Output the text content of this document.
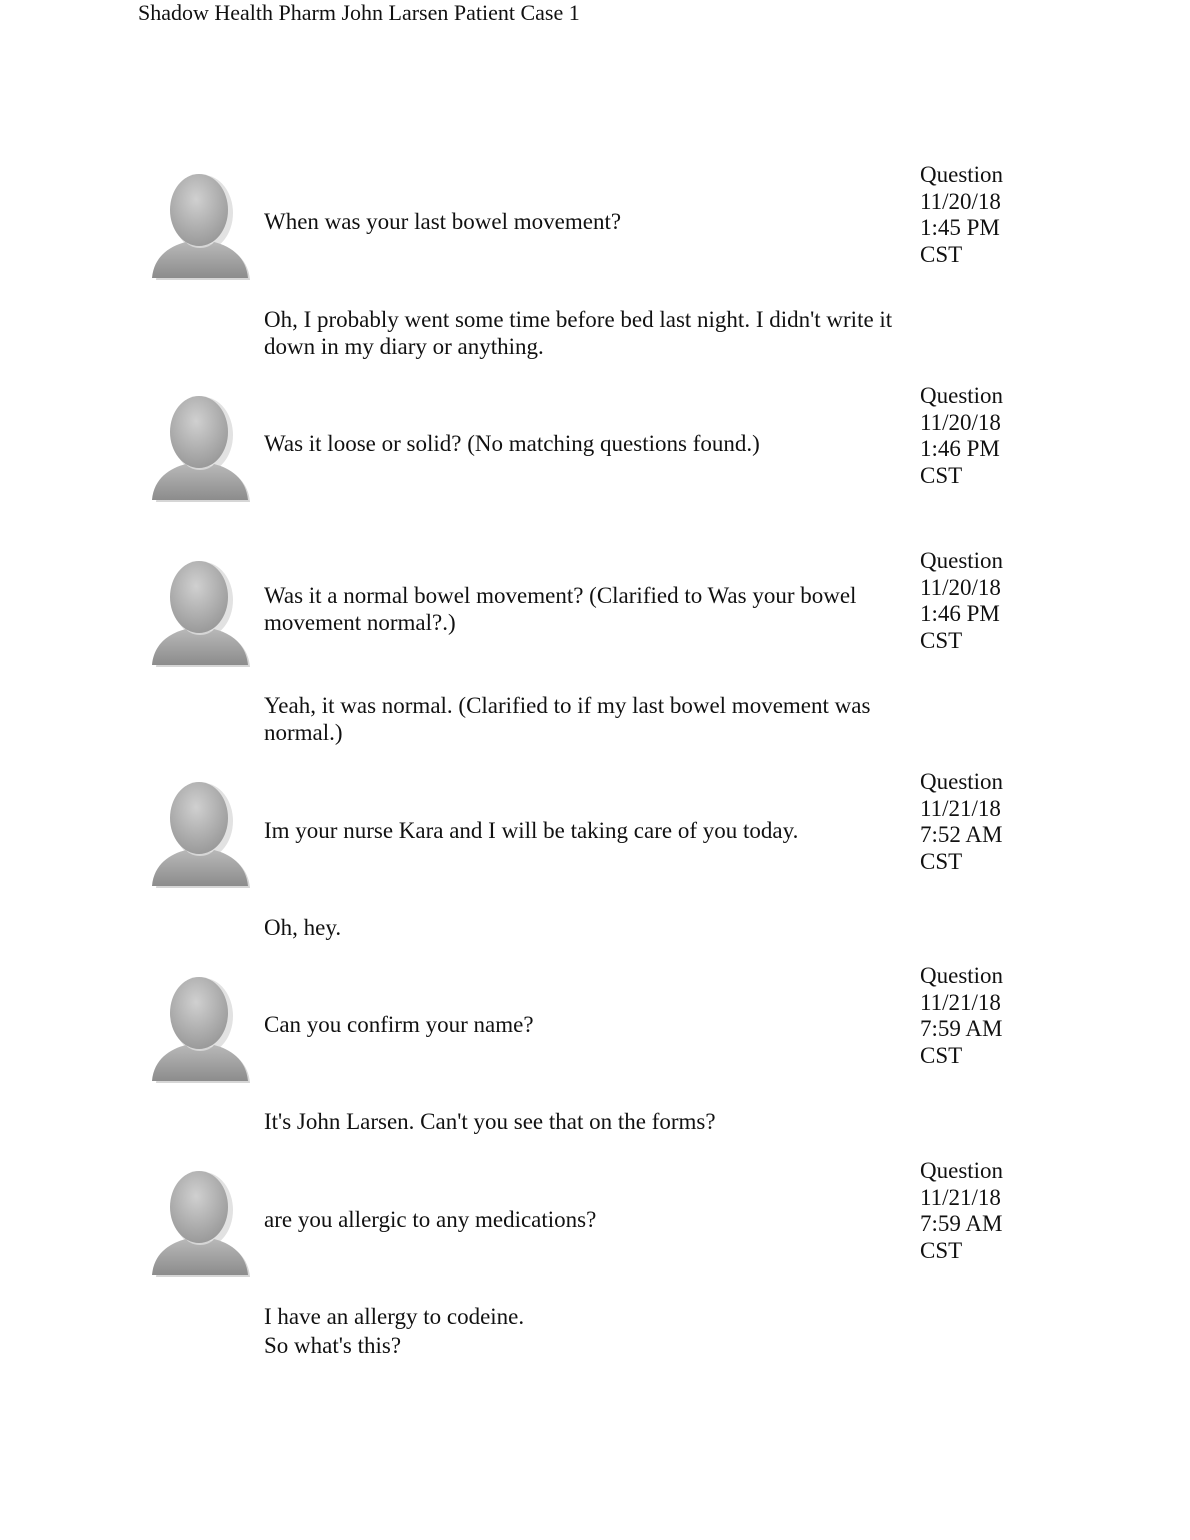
Shadow Health Pharm John Larsen Patient Case 1
When was your last bowel movement?
Question
11/20/18
1:45 PM
CST
Oh, I probably went some time before bed last night. I didn't write it down in my diary or anything.
Was it loose or solid? (No matching questions found.)
Question
11/20/18
1:46 PM
CST
Was it a normal bowel movement? (Clarified to Was your bowel movement normal?.)
Question
11/20/18
1:46 PM
CST
Yeah, it was normal. (Clarified to if my last bowel movement was normal.)
Im your nurse Kara and I will be taking care of you today.
Question
11/21/18
7:52 AM
CST
Oh, hey.
Can you confirm your name?
Question
11/21/18
7:59 AM
CST
It's John Larsen. Can't you see that on the forms?
are you allergic to any medications?
Question
11/21/18
7:59 AM
CST
I have an allergy to codeine.
So what's this?
